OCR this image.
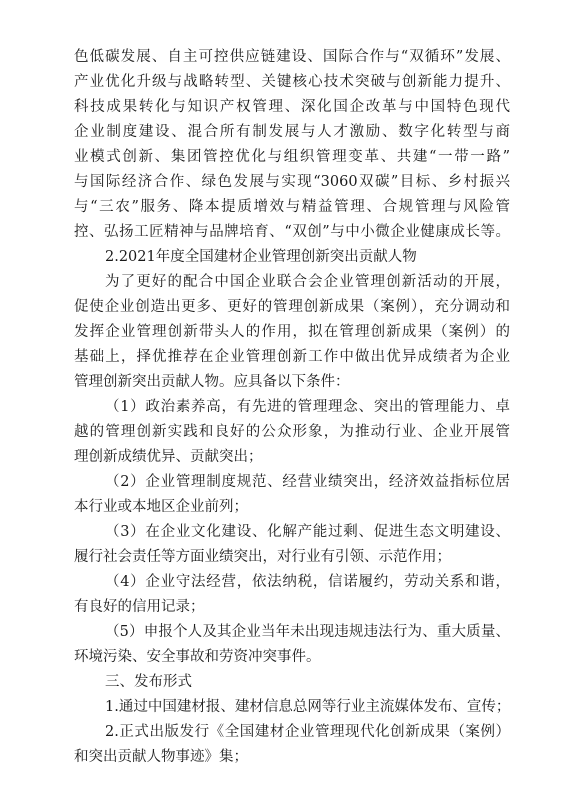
色低碳发展、自主可控供应链建设、国际合作与“双循环”发展、
产业优化升级与战略转型、关键核心技术突破与创新能力提升、
科技成果转化与知识产权管理、深化国企改革与中国特色现代
企业制度建设、混合所有制发展与人才激励、数字化转型与商
业模式创新、集团管控优化与组织管理变革、共建“一带一路”
与国际经济合作、绿色发展与实现“3060双碳”目标、乡村振兴
与“三农”服务、降本提质增效与精益管理、合规管理与风险管
控、弘扬工匠精神与品牌培育、“双创”与中小微企业健康成长等。
2.2021年度全国建材企业管理创新突出贡献人物
为了更好的配合中国企业联合会企业管理创新活动的开展，
促使企业创造出更多、更好的管理创新成果（案例），充分调动和
发挥企业管理创新带头人的作用，拟在管理创新成果（案例）的
基础上，择优推荐在企业管理创新工作中做出优异成绩者为企业
管理创新突出贡献人物。应具备以下条件：
（1）政治素养高，有先进的管理理念、突出的管理能力、卓
越的管理创新实践和良好的公众形象，为推动行业、企业开展管
理创新成绩优异、贡献突出；
（2）企业管理制度规范、经营业绩突出，经济效益指标位居
本行业或本地区企业前列；
（3）在企业文化建设、化解产能过剩、促进生态文明建设、
履行社会责任等方面业绩突出，对行业有引领、示范作用；
（4）企业守法经营，依法纳税，信诺履约，劳动关系和谐，
有良好的信用记录；
（5）申报个人及其企业当年未出现违规违法行为、重大质量、
环境污染、安全事故和劳资冲突事件。
三、发布形式
1.通过中国建材报、建材信息总网等行业主流媒体发布、宣传；
2.正式出版发行《全国建材企业管理现代化创新成果（案例）
和突出贡献人物事迹》集；
